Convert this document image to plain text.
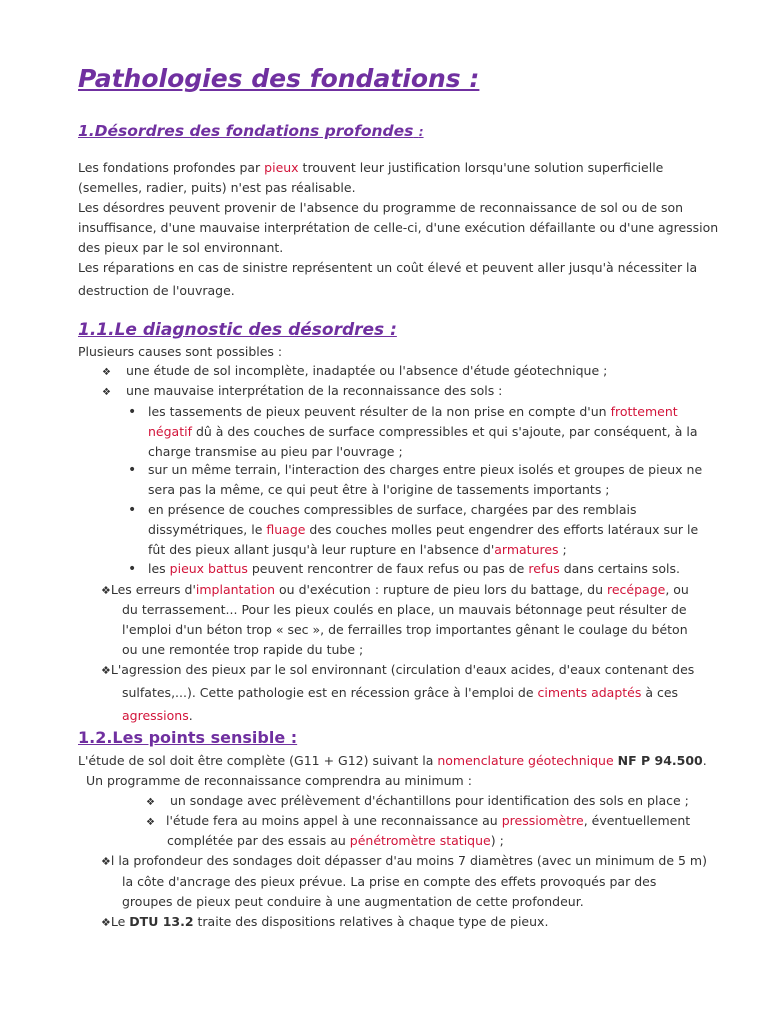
Pathologies des fondations :
1.Désordres des fondations profondes :
Les fondations profondes par pieux trouvent leur justification lorsqu'une solution superficielle
(semelles, radier, puits) n'est pas réalisable.
Les désordres peuvent provenir de l'absence du programme de reconnaissance de sol ou de son
insuffisance, d'une mauvaise interprétation de celle-ci, d'une exécution défaillante ou d'une agression
des pieux par le sol environnant.
Les réparations en cas de sinistre représentent un coût élevé et peuvent aller jusqu'à nécessiter la
destruction de l'ouvrage.
1.1.Le diagnostic des désordres :
Plusieurs causes sont possibles :
❖ une étude de sol incomplète, inadaptée ou l'absence d'étude géotechnique ;
❖ une mauvaise interprétation de la reconnaissance des sols :
• les tassements de pieux peuvent résulter de la non prise en compte d'un frottement
négatif dû à des couches de surface compressibles et qui s'ajoute, par conséquent, à la
charge transmise au pieu par l'ouvrage ;
• sur un même terrain, l'interaction des charges entre pieux isolés et groupes de pieux ne
sera pas la même, ce qui peut être à l'origine de tassements importants ;
• en présence de couches compressibles de surface, chargées par des remblais
dissymétriques, le fluage des couches molles peut engendrer des efforts latéraux sur le
fût des pieux allant jusqu'à leur rupture en l'absence d'armatures ;
• les pieux battus peuvent rencontrer de faux refus ou pas de refus dans certains sols.
❖Les erreurs d'implantation ou d'exécution : rupture de pieu lors du battage, du recépage, ou
du terrassement... Pour les pieux coulés en place, un mauvais bétonnage peut résulter de
l'emploi d'un béton trop « sec », de ferrailles trop importantes gênant le coulage du béton
ou une remontée trop rapide du tube ;
❖L'agression des pieux par le sol environnant (circulation d'eaux acides, d'eaux contenant des
sulfates,...). Cette pathologie est en récession grâce à l'emploi de ciments adaptés à ces
agressions.
1.2.Les points sensible :
L'étude de sol doit être complète (G11 + G12) suivant la nomenclature géotechnique NF P 94.500.
Un programme de reconnaissance comprendra au minimum :
❖ un sondage avec prélèvement d'échantillons pour identification des sols en place ;
❖ l'étude fera au moins appel à une reconnaissance au pressiomètre, éventuellement
complétée par des essais au pénétromètre statique) ;
❖l la profondeur des sondages doit dépasser d'au moins 7 diamètres (avec un minimum de 5 m)
la côte d'ancrage des pieux prévue. La prise en compte des effets provoqués par des
groupes de pieux peut conduire à une augmentation de cette profondeur.
❖Le DTU 13.2 traite des dispositions relatives à chaque type de pieux.
